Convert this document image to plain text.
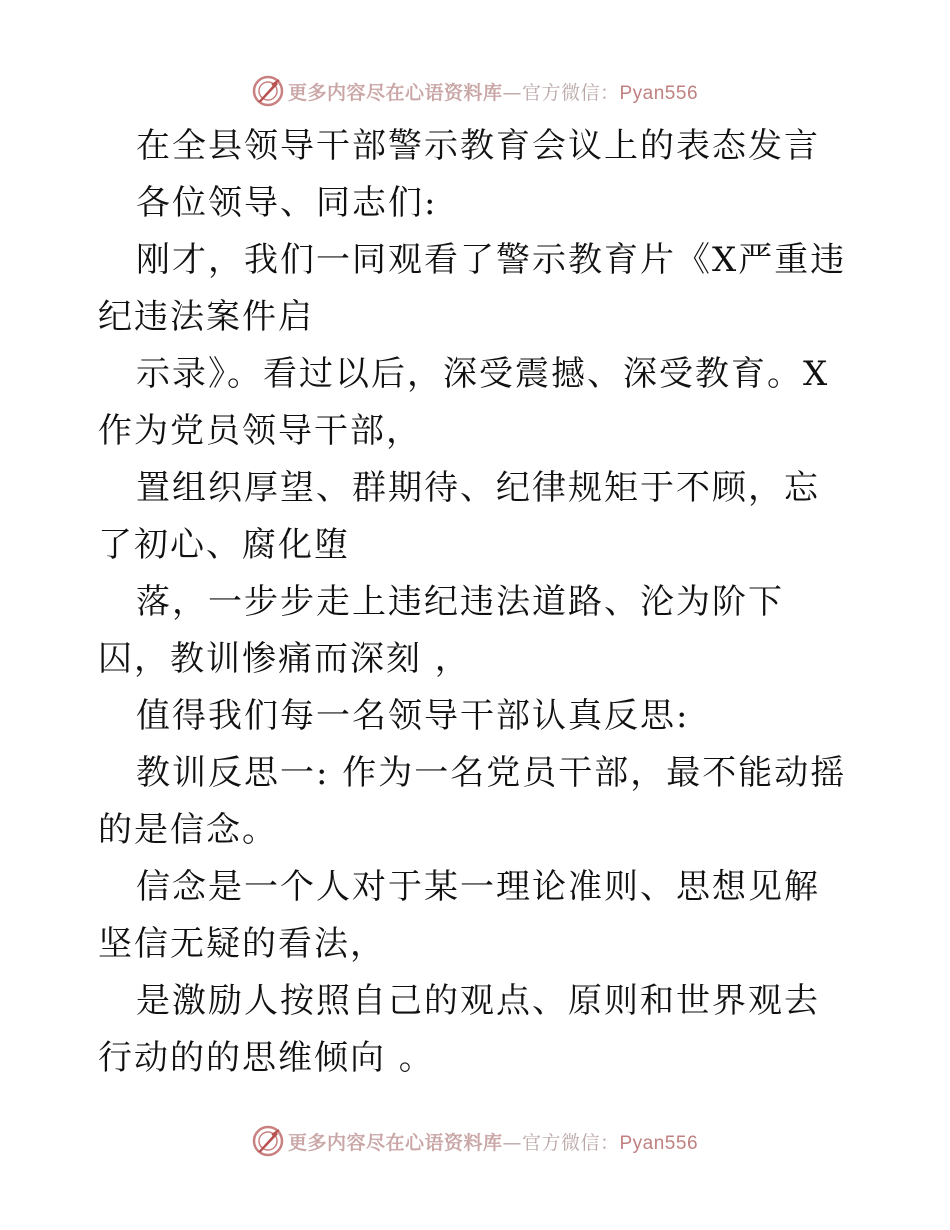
更多内容尽在心语资料库—官方微信：Pyan556

在全县领导干部警示教育会议上的表态发言

各位领导、同志们:

刚才，我们一同观看了警示教育片《X严重违纪违法案件启

示录》。看过以后，深受震撼、深受教育。X作为党员领导干部，

置组织厚望、群期待、纪律规矩于不顾，忘了初心、腐化堕

落，一步步走上违纪违法道路、沦为阶下囚，教训惨痛而深刻 ，

值得我们每一名领导干部认真反思:

教训反思一: 作为一名党员干部，最不能动摇的是信念。

信念是一个人对于某一理论准则、思想见解坚信无疑的看法，

是激励人按照自己的观点、原则和世界观去行动的的思维倾向 。

更多内容尽在心语资料库—官方微信：Pyan556
